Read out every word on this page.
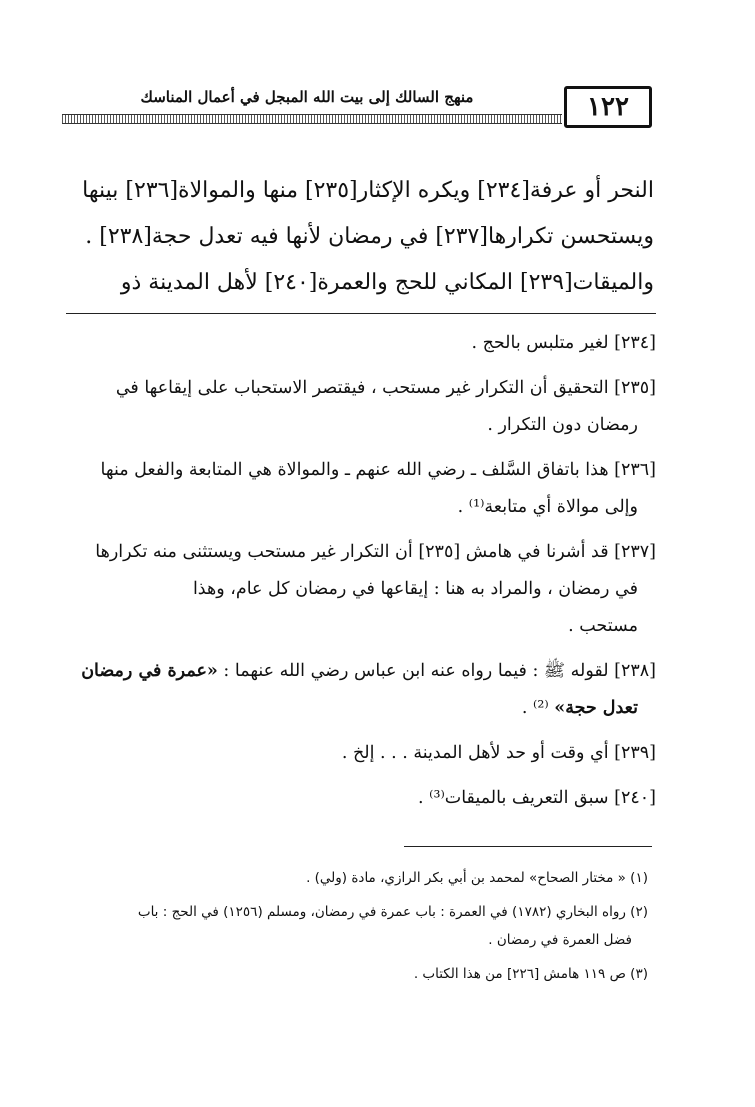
منهج السالك إلى بيت الله المبجل في أعمال المناسك	١٢٢
النحر أو عرفة[٢٣٤] ويكره الإكثار[٢٣٥] منها والموالاة[٢٣٦] بينها
ويستحسن تكرارها[٢٣٧] في رمضان لأنها فيه تعدل حجة[٢٣٨] .
والميقات[٢٣٩] المكاني للحج والعمرة[٢٤٠] لأهل المدينة ذو
[٢٣٤] لغير متلبس بالحج .
[٢٣٥] التحقيق أن التكرار غير مستحب ، فيقتصر الاستحباب على إيقاعها في
رمضان دون التكرار .
[٢٣٦] هذا باتفاق السَّلف ـ رضي الله عنهم ـ والموالاة هي المتابعة والفعل منها
وإلى موالاة أي متابعة⁽¹⁾ .
[٢٣٧] قد أشرنا في هامش [٢٣٥] أن التكرار غير مستحب ويستثنى منه تكرارها
في رمضان ، والمراد به هنا : إيقاعها في رمضان كل عام، وهذا
مستحب .
[٢٣٨] لقوله ﷺ : فيما رواه عنه ابن عباس رضي الله عنهما : «عمرة في رمضان
تعدل حجة» ⁽²⁾ .
[٢٣٩] أي وقت أو حد لأهل المدينة . . . إلخ .
[٢٤٠] سبق التعريف بالميقات⁽³⁾ .
(١) « مختار الصحاح» لمحمد بن أبي بكر الرازي، مادة (ولي) .
(٢) رواه البخاري (١٧٨٢) في العمرة : باب عمرة في رمضان، ومسلم (١٢٥٦) في الحج : باب
فضل العمرة في رمضان .
(٣) ص ١١٩ هامش [٢٢٦] من هذا الكتاب .
